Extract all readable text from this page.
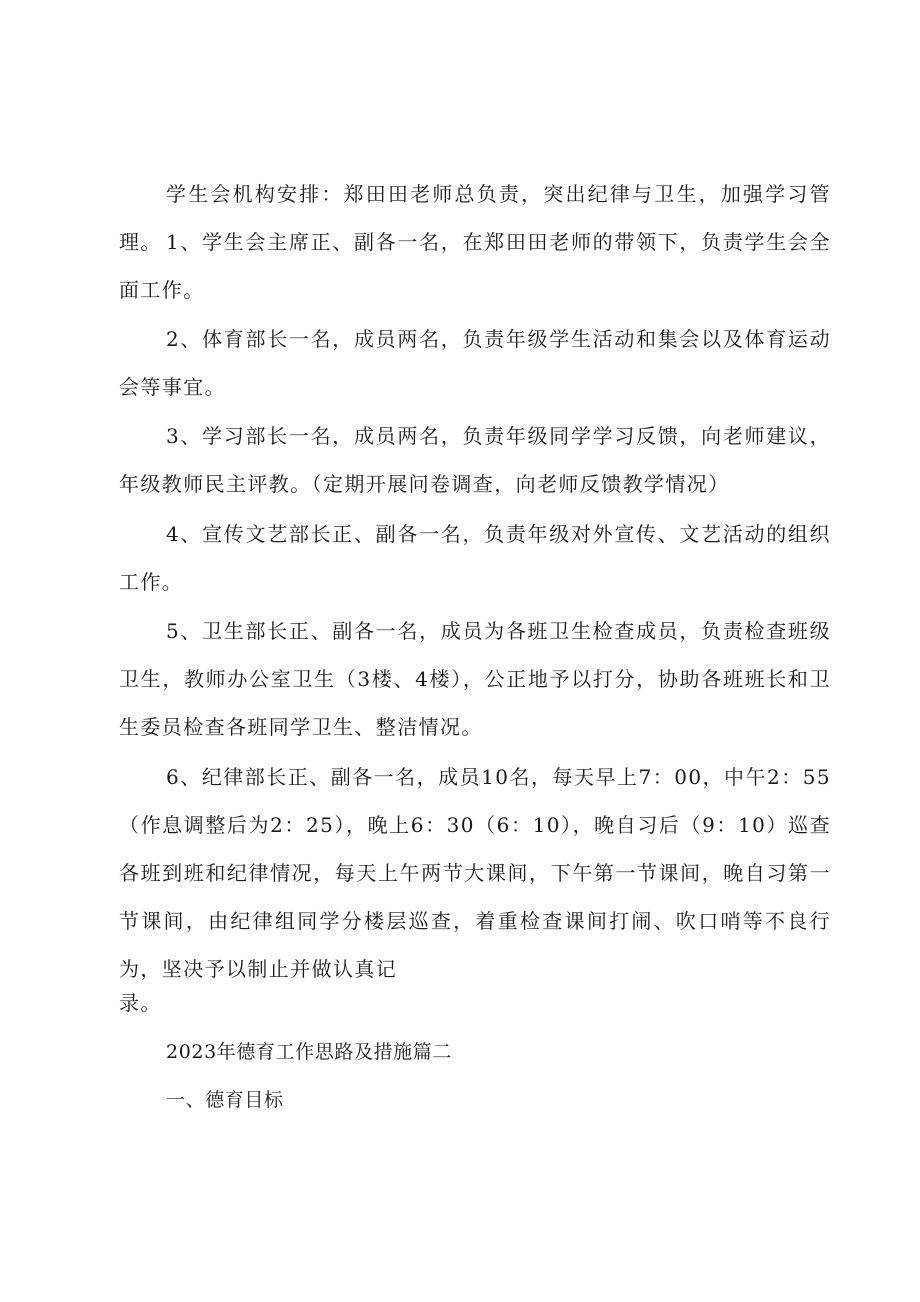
学生会机构安排：郑田田老师总负责，突出纪律与卫生，加强学习管理。 1、学生会主席正、副各一名，在郑田田老师的带领下，负责学生会全面工作。

2、体育部长一名，成员两名，负责年级学生活动和集会以及体育运动会等事宜。

3、学习部长一名，成员两名，负责年级同学学习反馈，向老师建议，年级教师民主评教。（定期开展问卷调查，向老师反馈教学情况）

4、宣传文艺部长正、副各一名，负责年级对外宣传、文艺活动的组织工作。

5、卫生部长正、副各一名，成员为各班卫生检查成员，负责检查班级卫生，教师办公室卫生（3楼、4楼），公正地予以打分，协助各班班长和卫生委员检查各班同学卫生、整洁情况。

6、纪律部长正、副各一名，成员10名，每天早上7：00，中午2：55（作息调整后为2：25），晚上6：30（6：10），晚自习后（9：10）巡查各班到班和纪律情况，每天上午两节大课间，下午第一节课间，晚自习第一节课间，由纪律组同学分楼层巡查，着重检查课间打闹、吹口哨等不良行为，坚决予以制止并做认真记

录。

2023年德育工作思路及措施篇二

一、德育目标
